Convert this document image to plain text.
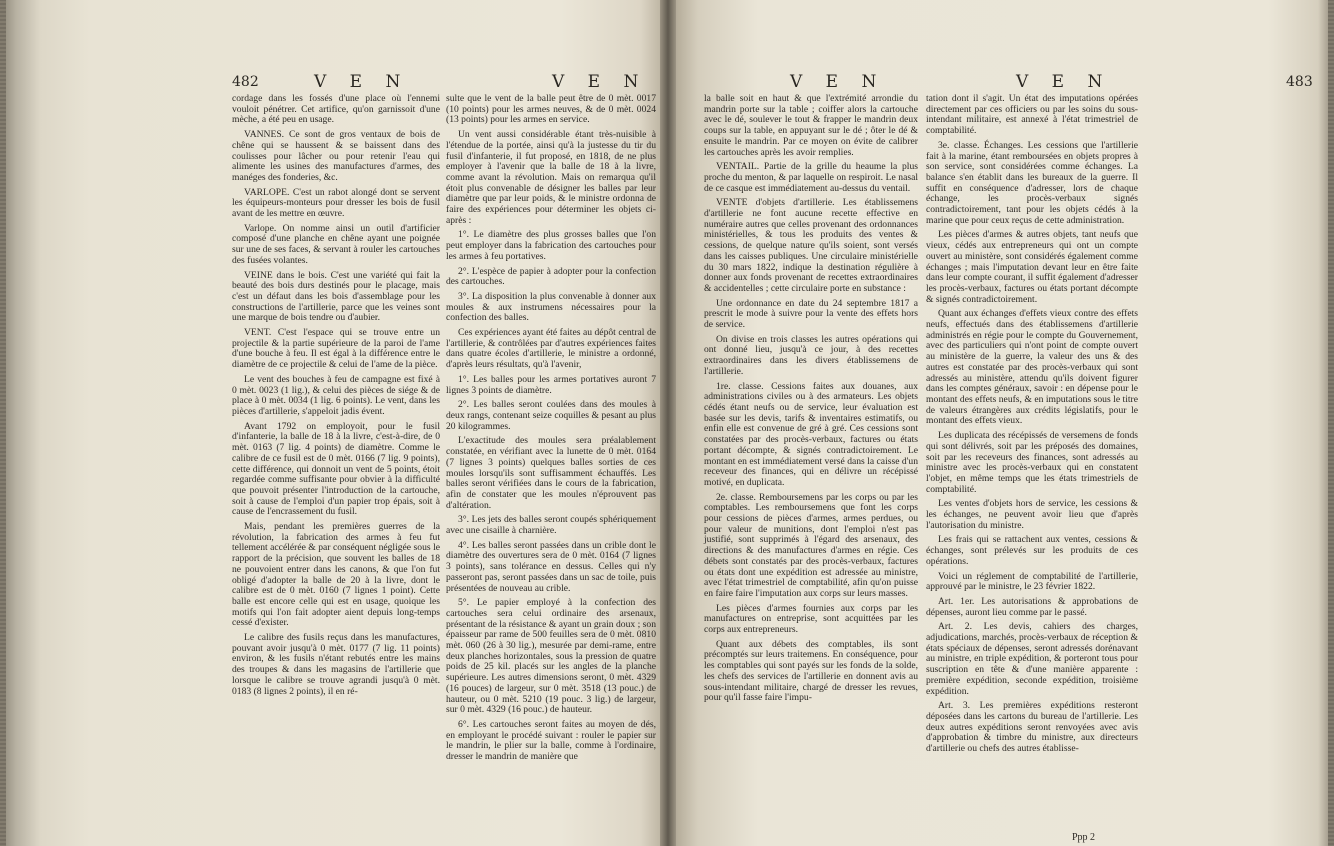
482	V E N	V E N

cordage dans les fossés d'une place où l'ennemi vouloit pénétrer. Cet artifice, qu'on garnissoit d'une mèche, a été peu en usage.

VANNES. Ce sont de gros ventaux de bois de chêne qui se haussent & se baissent dans des coulisses pour lâcher ou pour retenir l'eau qui alimente les usines des manufactures d'armes, des manéges des fonderies, &c.

VARLOPE. C'est un rabot alongé dont se servent les équipeurs-monteurs pour dresser les bois de fusil avant de les mettre en œuvre.

Varlope. On nomme ainsi un outil d'artificier composé d'une planche en chêne ayant une poignée sur une de ses faces, & servant à rouler les cartouches des fusées volantes.

VEINE dans le bois. C'est une variété qui fait la beauté des bois durs destinés pour le placage, mais c'est un défaut dans les bois d'assemblage pour les constructions de l'artillerie, parce que les veines sont une marque de bois tendre ou d'aubier.

VENT. C'est l'espace qui se trouve entre un projectile & la partie supérieure de la paroi de l'ame d'une bouche à feu. Il est égal à la différence entre le diamètre de ce projectile & celui de l'ame de la pièce.

Le vent des bouches à feu de campagne est fixé à 0 mèt. 0023 (1 lig.), & celui des pièces de siége & de place à 0 mèt. 0034 (1 lig. 6 points). Le vent, dans les pièces d'artillerie, s'appeloit jadis évent.

Avant 1792 on employoit, pour le fusil d'infanterie, la balle de 18 à la livre, c'est-à-dire, de 0 mèt. 0163 (7 lig. 4 points) de diamètre. Comme le calibre de ce fusil est de 0 mèt. 0166 (7 lig. 9 points), cette différence, qui donnoit un vent de 5 points, étoit regardée comme suffisante pour obvier à la difficulté que pouvoit présenter l'introduction de la cartouche, soit à cause de l'emploi d'un papier trop épais, soit à cause de l'encrassement du fusil.

Mais, pendant les premières guerres de la révolution, la fabrication des armes à feu fut tellement accélérée & par conséquent négligée sous le rapport de la précision, que souvent les balles de 18 ne pouvoient entrer dans les canons, & que l'on fut obligé d'adopter la balle de 20 à la livre, dont le calibre est de 0 mèt. 0160 (7 lignes 1 point). Cette balle est encore celle qui est en usage, quoique les motifs qui l'on fait adopter aient depuis long-temps cessé d'exister.

Le calibre des fusils reçus dans les manufactures, pouvant avoir jusqu'à 0 mèt. 0177 (7 lig. 11 points) environ, & les fusils n'étant rebutés entre les mains des troupes & dans les magasins de l'artillerie que lorsque le calibre se trouve agrandi jusqu'à 0 mèt. 0183 (8 lignes 2 points), il en ré-

sulte que le vent de la balle peut être de 0 mèt. 0017 (10 points) pour les armes neuves, & de 0 mèt. 0024 (13 points) pour les armes en service.

Un vent aussi considérable étant très-nuisible à l'étendue de la portée, ainsi qu'à la justesse du tir du fusil d'infanterie, il fut proposé, en 1818, de ne plus employer à l'avenir que la balle de 18 à la livre, comme avant la révolution. Mais on remarqua qu'il étoit plus convenable de désigner les balles par leur diamètre que par leur poids, & le ministre ordonna de faire des expériences pour déterminer les objets ci-après :

1°. Le diamètre des plus grosses balles que l'on peut employer dans la fabrication des cartouches pour les armes à feu portatives.

2°. L'espèce de papier à adopter pour la confection des cartouches.

3°. La disposition la plus convenable à donner aux moules & aux instrumens nécessaires pour la confection des balles.

Ces expériences ayant été faites au dépôt central de l'artillerie, & contrôlées par d'autres expériences faites dans quatre écoles d'artillerie, le ministre a ordonné, d'après leurs résultats, qu'à l'avenir,

1°. Les balles pour les armes portatives auront 7 lignes 3 points de diamètre.

2°. Les balles seront coulées dans des moules à deux rangs, contenant seize coquilles & pesant au plus 20 kilogrammes.

L'exactitude des moules sera préalablement constatée, en vérifiant avec la lunette de 0 mèt. 0164 (7 lignes 3 points) quelques balles sorties de ces moules lorsqu'ils sont suffisamment échauffés. Les balles seront vérifiées dans le cours de la fabrication, afin de constater que les moules n'éprouvent pas d'altération.

3°. Les jets des balles seront coupés sphériquement avec une cisaille à charnière.

4°. Les balles seront passées dans un crible dont le diamètre des ouvertures sera de 0 mèt. 0164 (7 lignes 3 points), sans tolérance en dessus. Celles qui n'y passeront pas, seront passées dans un sac de toile, puis présentées de nouveau au crible.

5°. Le papier employé à la confection des cartouches sera celui ordinaire des arsenaux, présentant de la résistance & ayant un grain doux ; son épaisseur par rame de 500 feuilles sera de 0 mèt. 0810 mèt. 060 (26 à 30 lig.), mesurée par demi-rame, entre deux planches horizontales, sous la pression de quatre poids de 25 kil. placés sur les angles de la planche supérieure. Les autres dimensions seront, 0 mèt. 4329 (16 pouces) de largeur, sur 0 mèt. 3518 (13 pouc.) de hauteur, ou 0 mèt. 5210 (19 pouc. 3 lig.) de largeur, sur 0 mèt. 4329 (16 pouc.) de hauteur.

6°. Les cartouches seront faites au moyen de dés, en employant le procédé suivant : rouler le papier sur le mandrin, le plier sur la balle, comme à l'ordinaire, dresser le mandrin de manière que

V E N	V E N	483

la balle soit en haut & que l'extrémité arrondie du mandrin porte sur la table ; coiffer alors la cartouche avec le dé, soulever le tout & frapper le mandrin deux coups sur la table, en appuyant sur le dé ; ôter le dé & ensuite le mandrin. Par ce moyen on évite de calibrer les cartouches après les avoir remplies.

VENTAIL. Partie de la grille du heaume la plus proche du menton, & par laquelle on respiroit. Le nasal de ce casque est immédiatement au-dessus du ventail.

VENTE d'objets d'artillerie. Les établissemens d'artillerie ne font aucune recette effective en numéraire autres que celles provenant des ordonnances ministérielles, & tous les produits des ventes & cessions, de quelque nature qu'ils soient, sont versés dans les caisses publiques. Une circulaire ministérielle du 30 mars 1822, indique la destination régulière à donner aux fonds provenant de recettes extraordinaires & accidentelles ; cette circulaire porte en substance :

Une ordonnance en date du 24 septembre 1817 a prescrit le mode à suivre pour la vente des effets hors de service.

On divise en trois classes les autres opérations qui ont donné lieu, jusqu'à ce jour, à des recettes extraordinaires dans les divers établissemens de l'artillerie.

1re. classe. Cessions faites aux douanes, aux administrations civiles ou à des armateurs. Les objets cédés étant neufs ou de service, leur évaluation est basée sur les devis, tarifs & inventaires estimatifs, ou enfin elle est convenue de gré à gré. Ces cessions sont constatées par des procès-verbaux, factures ou états portant décompte, & signés contradictoirement. Le montant en est immédiatement versé dans la caisse d'un receveur des finances, qui en délivre un récépissé motivé, en duplicata.

2e. classe. Remboursemens par les corps ou par les comptables. Les remboursemens que font les corps pour cessions de pièces d'armes, armes perdues, ou pour valeur de munitions, dont l'emploi n'est pas justifié, sont supprimés à l'égard des arsenaux, des directions & des manufactures d'armes en régie. Ces débets sont constatés par des procès-verbaux, factures ou états dont une expédition est adressée au ministre, avec l'état trimestriel de comptabilité, afin qu'on puisse en faire faire l'imputation aux corps sur leurs masses.

Les pièces d'armes fournies aux corps par les manufactures on entreprise, sont acquittées par les corps aux entrepreneurs.

Quant aux débets des comptables, ils sont précomptés sur leurs traitemens. En conséquence, pour les comptables qui sont payés sur les fonds de la solde, les chefs des services de l'artillerie en donnent avis au sous-intendant militaire, chargé de dresser les revues, pour qu'il fasse faire l'impu-

tation dont il s'agit. Un état des imputations opérées directement par ces officiers ou par les soins du sous-intendant militaire, est annexé à l'état trimestriel de comptabilité.

3e. classe. Échanges. Les cessions que l'artillerie fait à la marine, étant remboursées en objets propres à son service, sont considérées comme échanges. La balance s'en établit dans les bureaux de la guerre. Il suffit en conséquence d'adresser, lors de chaque échange, les procès-verbaux signés contradictoirement, tant pour les objets cédés à la marine que pour ceux reçus de cette administration.

Les pièces d'armes & autres objets, tant neufs que vieux, cédés aux entrepreneurs qui ont un compte ouvert au ministère, sont considérés également comme échanges ; mais l'imputation devant leur en être faite dans leur compte courant, il suffit également d'adresser les procès-verbaux, factures ou états portant décompte & signés contradictoirement.

Quant aux échanges d'effets vieux contre des effets neufs, effectués dans des établissemens d'artillerie administrés en régie pour le compte du Gouvernement, avec des particuliers qui n'ont point de compte ouvert au ministère de la guerre, la valeur des uns & des autres est constatée par des procès-verbaux qui sont adressés au ministère, attendu qu'ils doivent figurer dans les comptes généraux, savoir : en dépense pour le montant des effets neufs, & en imputations sous le titre de valeurs étrangères aux crédits législatifs, pour le montant des effets vieux.

Les duplicata des récépissés de versemens de fonds qui sont délivrés, soit par les préposés des domaines, soit par les receveurs des finances, sont adressés au ministre avec les procès-verbaux qui en constatent l'objet, en même temps que les états trimestriels de comptabilité.

Les ventes d'objets hors de service, les cessions & les échanges, ne peuvent avoir lieu que d'après l'autorisation du ministre.

Les frais qui se rattachent aux ventes, cessions & échanges, sont prélevés sur les produits de ces opérations.

Voici un réglement de comptabilité de l'artillerie, approuvé par le ministre, le 23 février 1822.

Art. 1er. Les autorisations & approbations de dépenses, auront lieu comme par le passé.

Art. 2. Les devis, cahiers des charges, adjudications, marchés, procès-verbaux de réception & états spéciaux de dépenses, seront adressés dorénavant au ministre, en triple expédition, & porteront tous pour suscription en tête & d'une manière apparente : première expédition, seconde expédition, troisième expédition.

Art. 3. Les premières expéditions resteront déposées dans les cartons du bureau de l'artillerie. Les deux autres expéditions seront renvoyées avec avis d'approbation & timbre du ministre, aux directeurs d'artillerie ou chefs des autres établisse-

Ppp 2
